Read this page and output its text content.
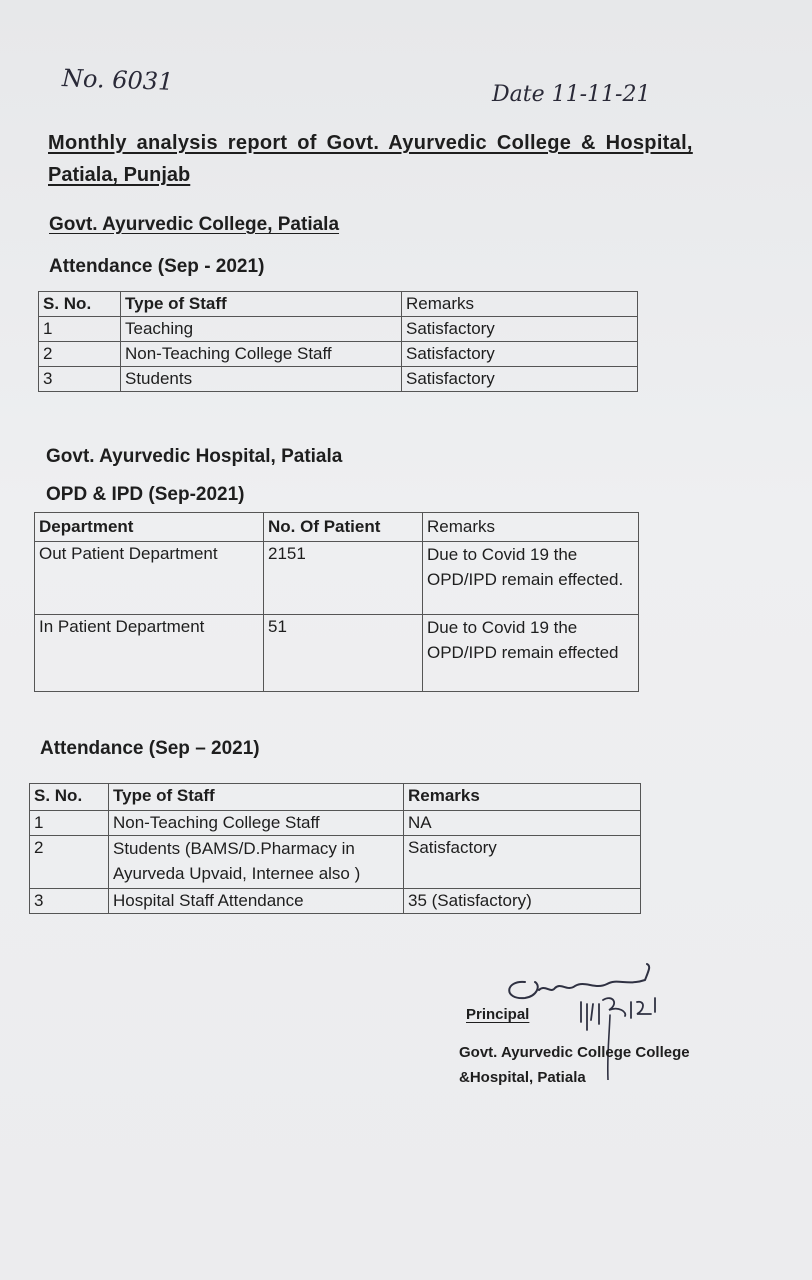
No. 6031	Date 11-11-21
Monthly analysis report of Govt. Ayurvedic College & Hospital,
Patiala, Punjab
Govt. Ayurvedic College, Patiala
Attendance (Sep - 2021)
S. No.	Type of Staff	Remarks
1	Teaching	Satisfactory
2	Non-Teaching College Staff	Satisfactory
3	Students	Satisfactory
Govt. Ayurvedic Hospital, Patiala
OPD & IPD (Sep-2021)
Department	No. Of Patient	Remarks
Out Patient Department	2151	Due to Covid 19 the OPD/IPD remain effected.
In Patient Department	51	Due to Covid 19 the OPD/IPD remain effected
Attendance (Sep – 2021)
S. No.	Type of Staff	Remarks
1	Non-Teaching College Staff	NA
2	Students (BAMS/D.Pharmacy in Ayurveda Upvaid, Internee also )	Satisfactory
3	Hospital Staff Attendance	35 (Satisfactory)
Principal
Govt. Ayurvedic College College
&Hospital, Patiala
